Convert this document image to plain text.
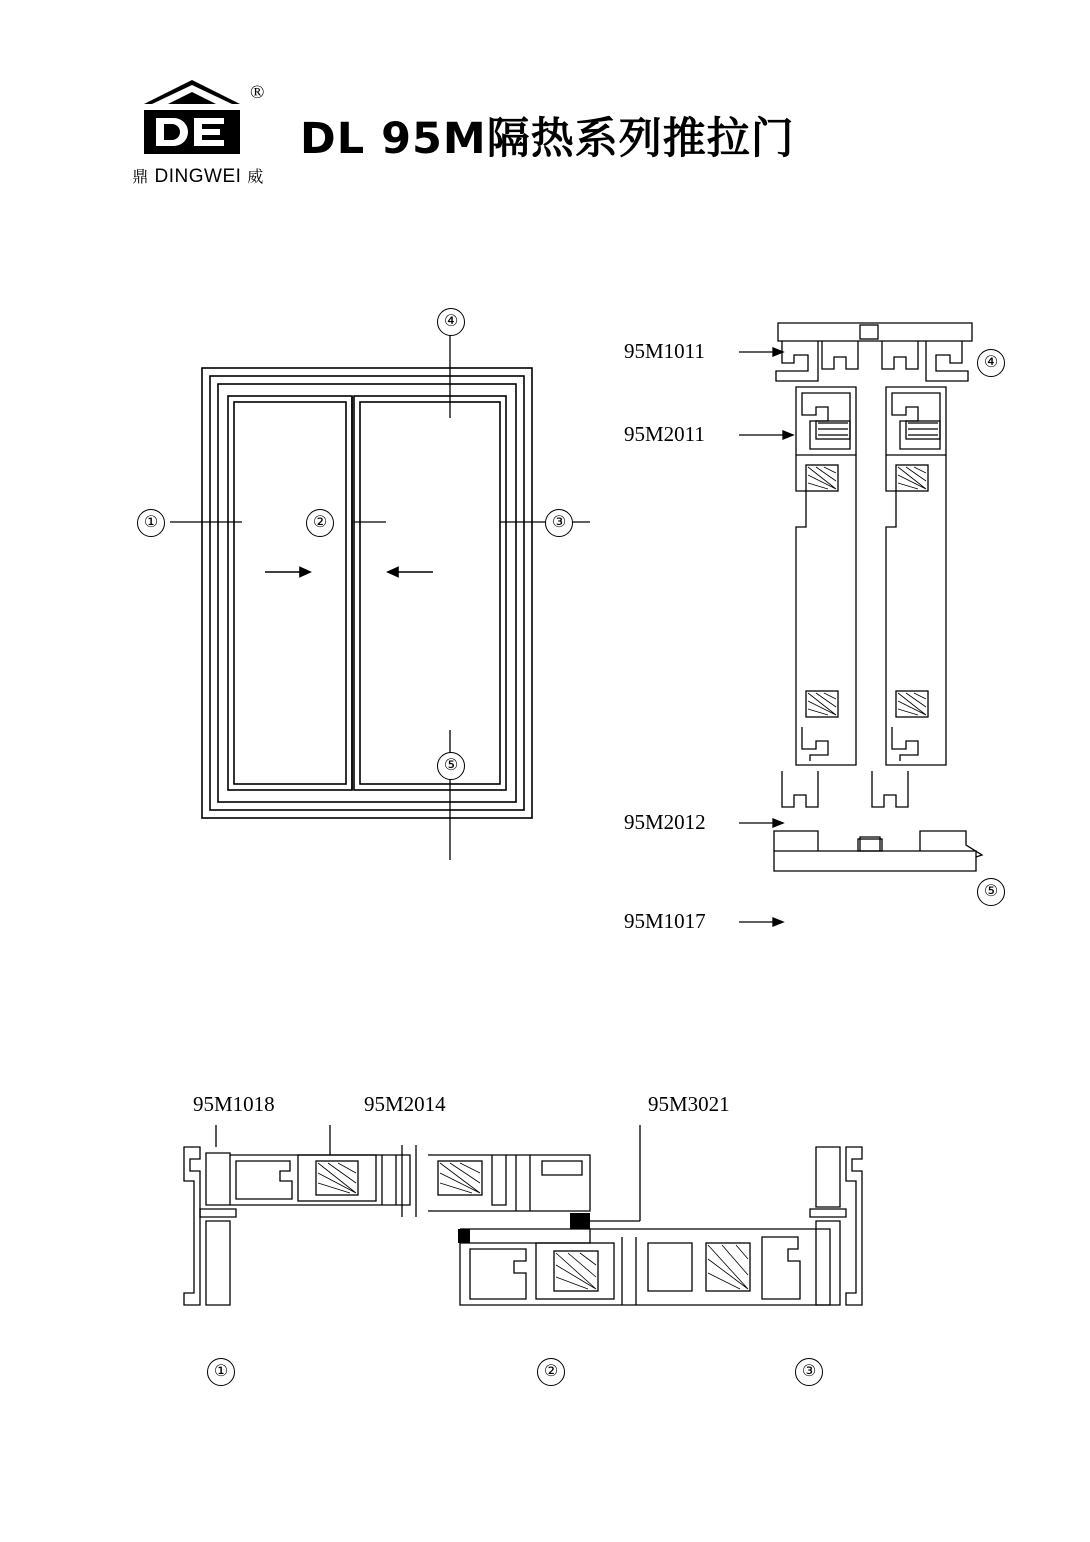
®
鼎 DINGWEI 威
DL 95M隔热系列推拉门
①	②	③
④
⑤
95M1011
95M2011
95M2012
95M1017
④
⑤
95M1018	95M2014	95M3021
①	②	③
